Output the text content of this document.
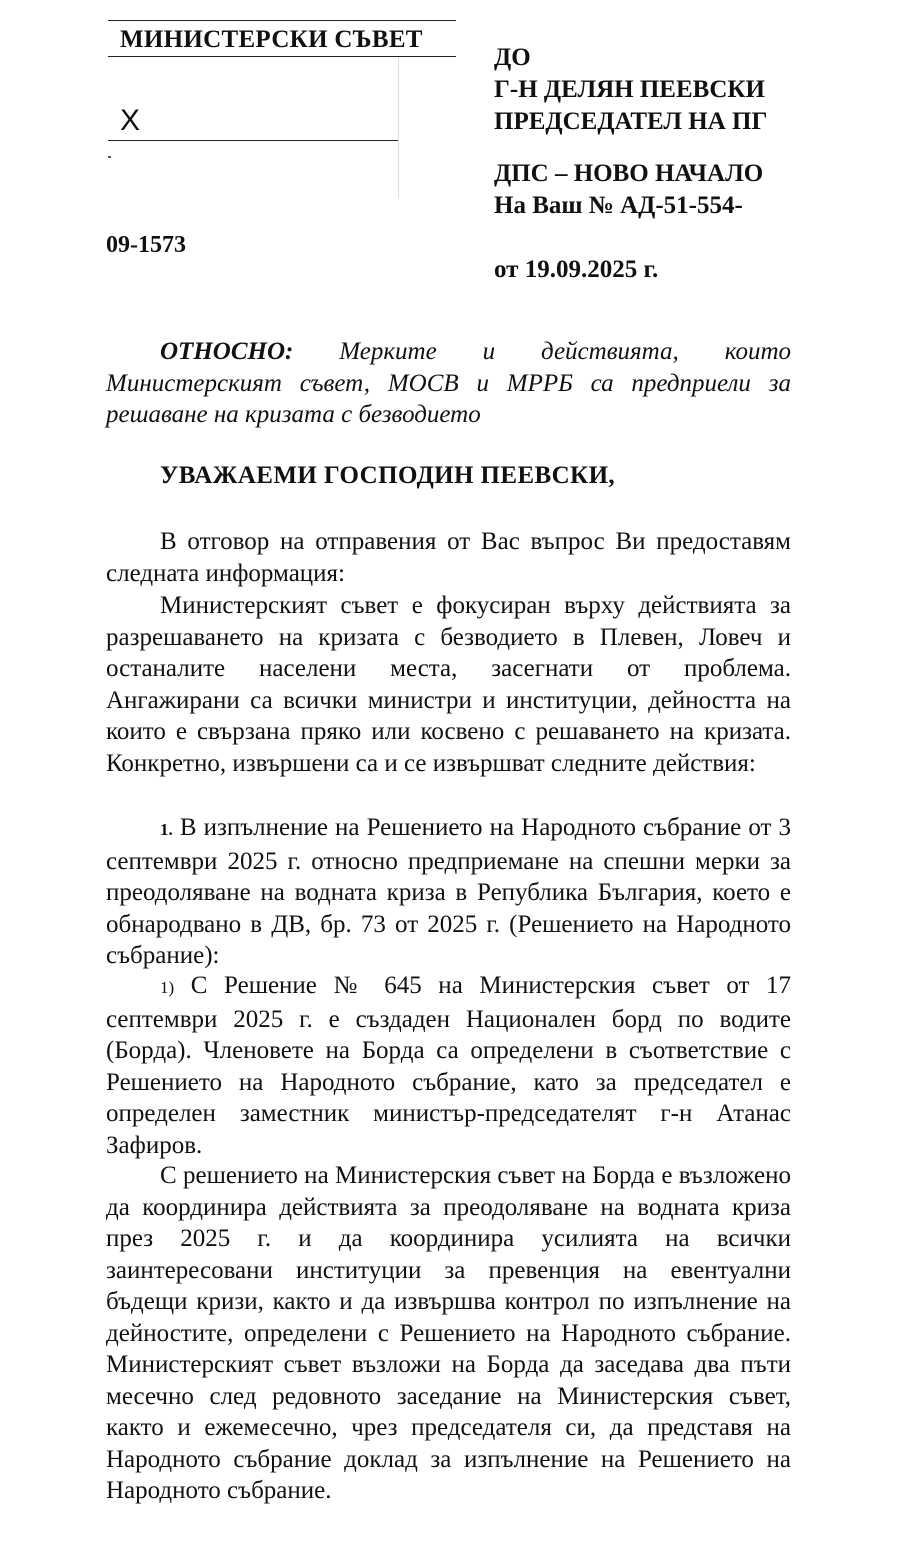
МИНИСТЕРСКИ СЪВЕТ
X
09-1573
ДО
Г-Н ДЕЛЯН ПЕЕВСКИ
ПРЕДСЕДАТЕЛ НА ПГ
ДПС – НОВО НАЧАЛО
На Ваш № АД-51-554-
от 19.09.2025 г.
ОТНОСНО: Мерките и действията, които Министерският съвет, МОСВ и МРРБ са предприели за решаване на кризата с безводието
УВАЖАЕМИ ГОСПОДИН ПЕЕВСКИ,
В отговор на отправения от Вас въпрос Ви предоставям следната информация:
Министерският съвет е фокусиран върху действията за разрешаването на кризата с безводието в Плевен, Ловеч и останалите населени места, засегнати от проблема. Ангажирани са всички министри и институции, дейността на които е свързана пряко или косвено с решаването на кризата. Конкретно, извършени са и се извършват следните действия:
1. В изпълнение на Решението на Народното събрание от 3 септември 2025 г. относно предприемане на спешни мерки за преодоляване на водната криза в Република България, което е обнародвано в ДВ, бр. 73 от 2025 г. (Решението на Народното събрание):
1) С Решение № 645 на Министерския съвет от 17 септември 2025 г. е създаден Национален борд по водите (Борда). Членовете на Борда са определени в съответствие с Решението на Народното събрание, като за председател е определен заместник министър-председателят г-н Атанас Зафиров.
С решението на Министерския съвет на Борда е възложено да координира действията за преодоляване на водната криза през 2025 г. и да координира усилията на всички заинтересовани институции за превенция на евентуални бъдещи кризи, както и да извършва контрол по изпълнение на дейностите, определени с Решението на Народното събрание. Министерският съвет възложи на Борда да заседава два пъти месечно след редовното заседание на Министерския съвет, както и ежемесечно, чрез председателя си, да представя на Народното събрание доклад за изпълнение на Решението на Народното събрание.
